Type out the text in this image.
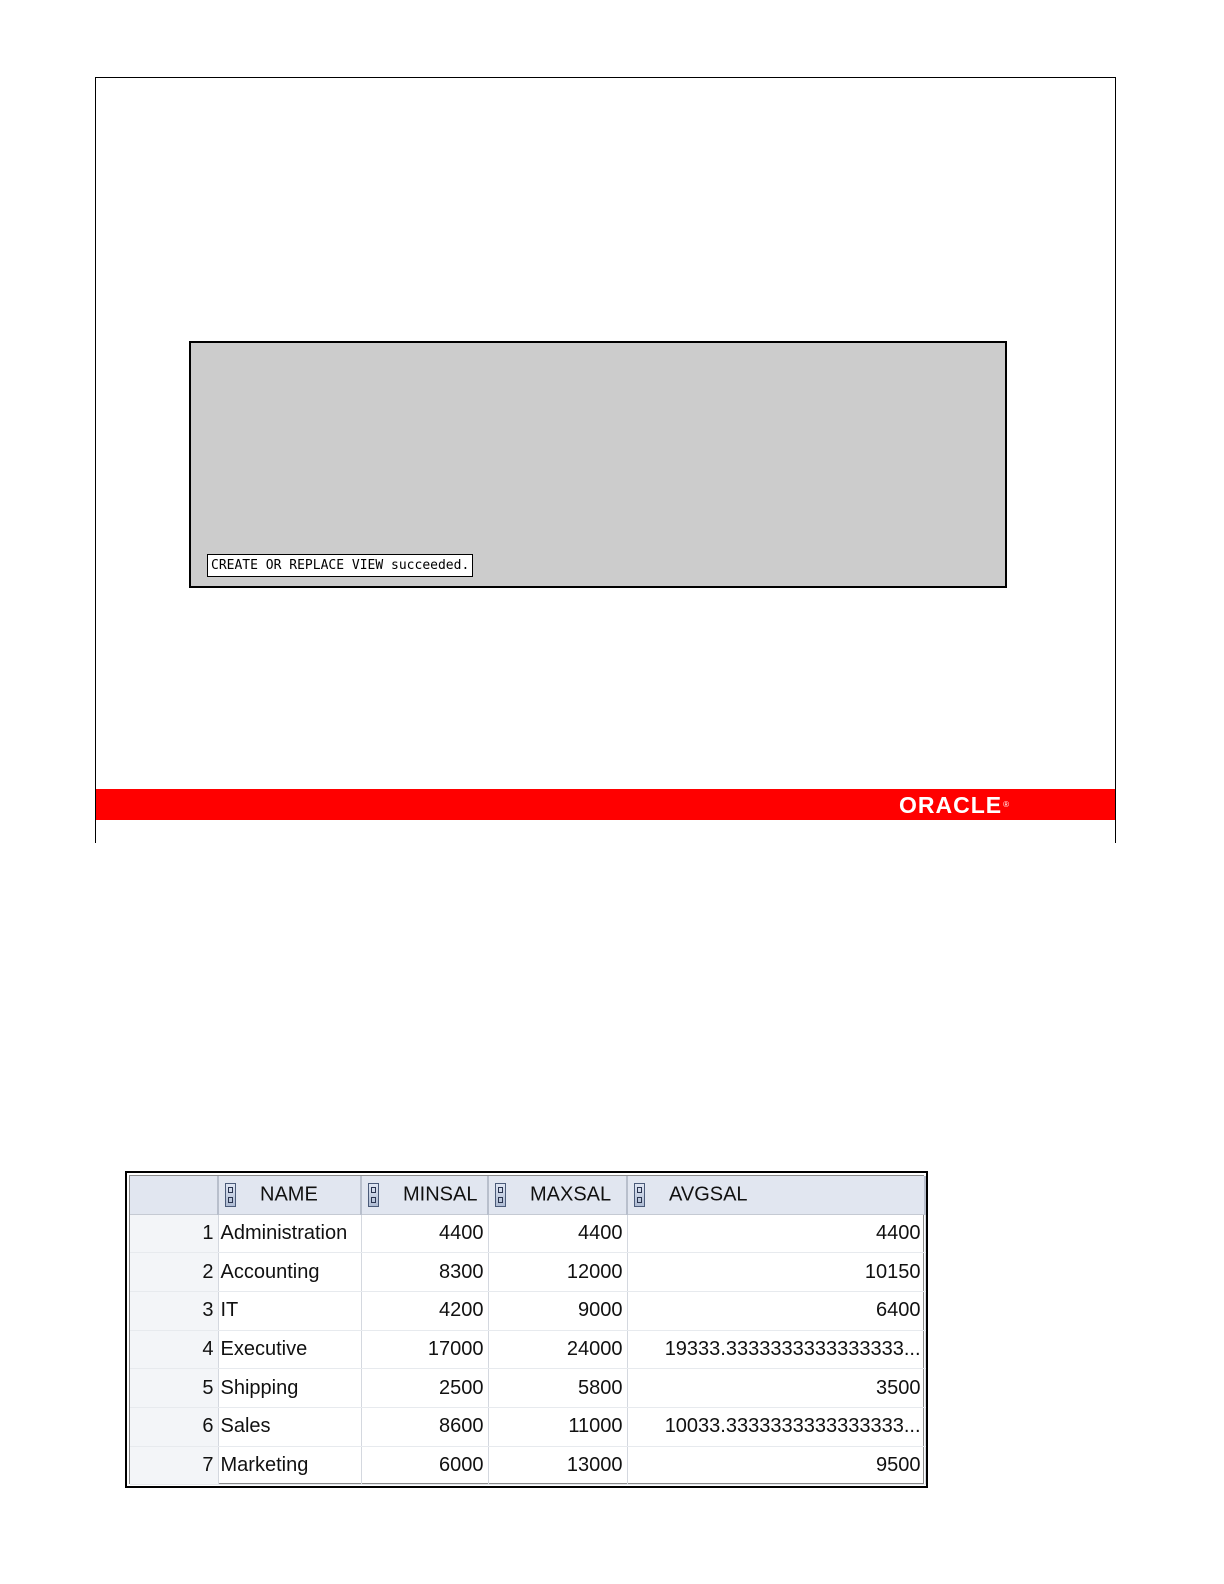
CREATE OR REPLACE VIEW succeeded.
ORACLE®
	NAME	MINSAL	MAXSAL	AVGSAL
1	Administration	4400	4400	4400
2	Accounting	8300	12000	10150
3	IT	4200	9000	6400
4	Executive	17000	24000	19333.3333333333333333...
5	Shipping	2500	5800	3500
6	Sales	8600	11000	10033.3333333333333333...
7	Marketing	6000	13000	9500
